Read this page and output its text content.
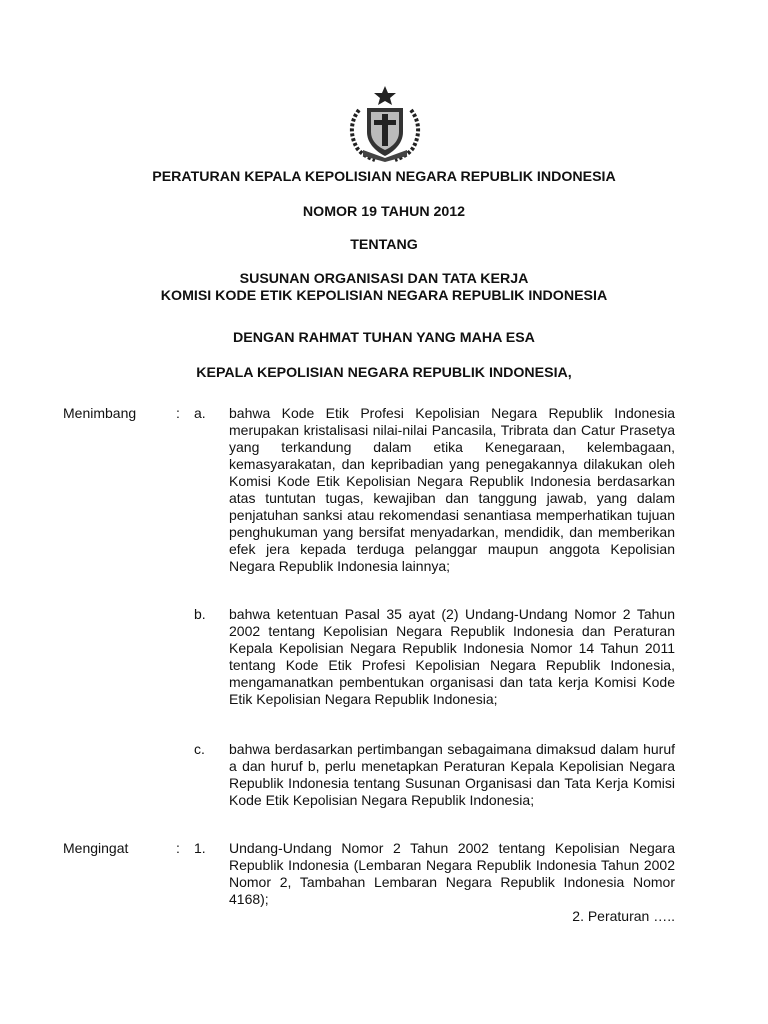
PERATURAN KEPALA KEPOLISIAN NEGARA REPUBLIK INDONESIA
NOMOR 19 TAHUN 2012
TENTANG
SUSUNAN ORGANISASI DAN TATA KERJA
KOMISI KODE ETIK KEPOLISIAN NEGARA REPUBLIK INDONESIA
DENGAN RAHMAT TUHAN YANG MAHA ESA
KEPALA KEPOLISIAN NEGARA REPUBLIK INDONESIA,
Menimbang	: a. bahwa Kode Etik Profesi Kepolisian Negara Republik Indonesia merupakan kristalisasi nilai-nilai Pancasila, Tribrata dan Catur Prasetya yang terkandung dalam etika Kenegaraan, kelembagaan, kemasyarakatan, dan kepribadian yang penegakannya dilakukan oleh Komisi Kode Etik Kepolisian Negara Republik Indonesia berdasarkan atas tuntutan tugas, kewajiban dan tanggung jawab, yang dalam penjatuhan sanksi atau rekomendasi senantiasa memperhatikan tujuan penghukuman yang bersifat menyadarkan, mendidik, dan memberikan efek jera kepada terduga pelanggar maupun anggota Kepolisian Negara Republik Indonesia lainnya;

b. bahwa ketentuan Pasal 35 ayat (2) Undang-Undang Nomor 2 Tahun 2002 tentang Kepolisian Negara Republik Indonesia dan Peraturan Kepala Kepolisian Negara Republik Indonesia Nomor 14 Tahun 2011 tentang Kode Etik Profesi Kepolisian Negara Republik Indonesia, mengamanatkan pembentukan organisasi dan tata kerja Komisi Kode Etik Kepolisian Negara Republik Indonesia;

c. bahwa berdasarkan pertimbangan sebagaimana dimaksud dalam huruf a dan huruf b, perlu menetapkan Peraturan Kepala Kepolisian Negara Republik Indonesia tentang Susunan Organisasi dan Tata Kerja Komisi Kode Etik Kepolisian Negara Republik Indonesia;

Mengingat	: 1. Undang-Undang Nomor 2 Tahun 2002 tentang Kepolisian Negara Republik Indonesia (Lembaran Negara Republik Indonesia Tahun 2002 Nomor 2, Tambahan Lembaran Negara Republik Indonesia Nomor 4168);

2. Peraturan …..
